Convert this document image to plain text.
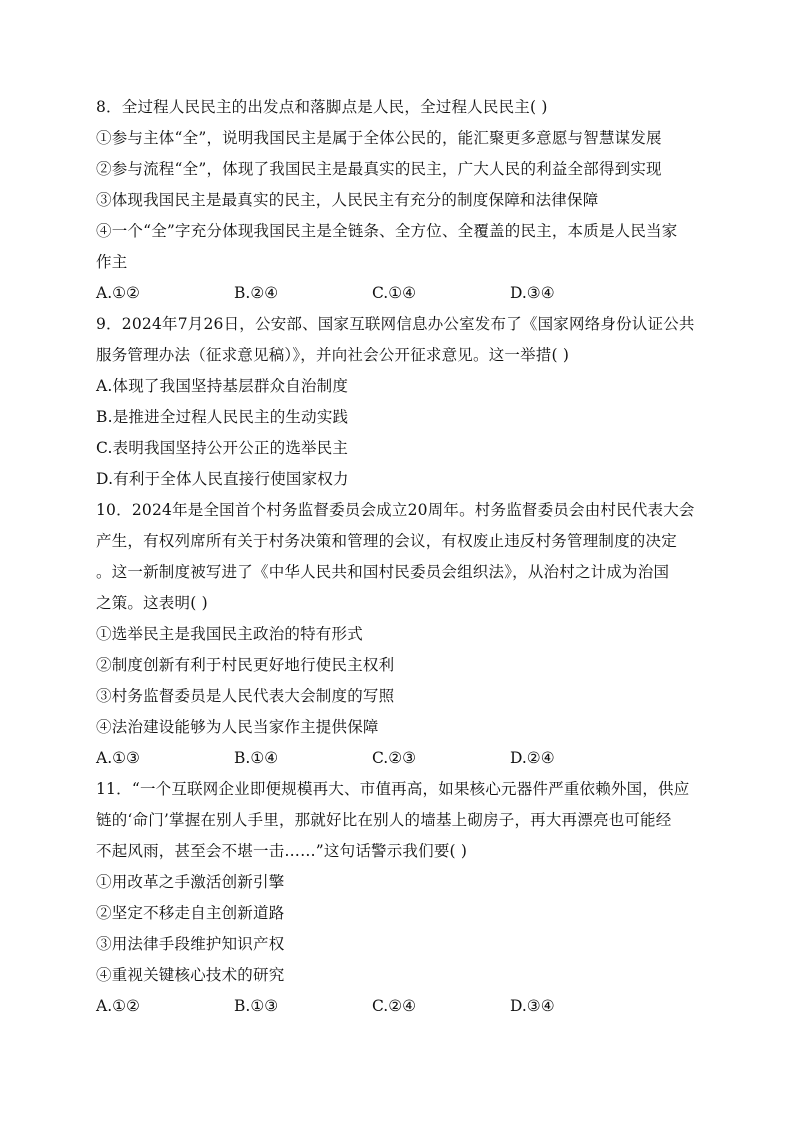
8．全过程人民民主的出发点和落脚点是人民，全过程人民民主( )
①参与主体“全”，说明我国民主是属于全体公民的，能汇聚更多意愿与智慧谋发展
②参与流程“全”，体现了我国民主是最真实的民主，广大人民的利益全部得到实现
③体现我国民主是最真实的民主，人民民主有充分的制度保障和法律保障
④一个“全”字充分体现我国民主是全链条、全方位、全覆盖的民主，本质是人民当家
作主
A.①②	B.②④	C.①④	D.③④
9．2024年7月26日，公安部、国家互联网信息办公室发布了《国家网络身份认证公共
服务管理办法（征求意见稿）》，并向社会公开征求意见。这一举措( )
A.体现了我国坚持基层群众自治制度
B.是推进全过程人民民主的生动实践
C.表明我国坚持公开公正的选举民主
D.有利于全体人民直接行使国家权力
10．2024年是全国首个村务监督委员会成立20周年。村务监督委员会由村民代表大会
产生，有权列席所有关于村务决策和管理的会议，有权废止违反村务管理制度的决定
。这一新制度被写进了《中华人民共和国村民委员会组织法》，从治村之计成为治国
之策。这表明( )
①选举民主是我国民主政治的特有形式
②制度创新有利于村民更好地行使民主权利
③村务监督委员是人民代表大会制度的写照
④法治建设能够为人民当家作主提供保障
A.①③	B.①④	C.②③	D.②④
11．“一个互联网企业即便规模再大、市值再高，如果核心元器件严重依赖外国，供应
链的‘命门’掌握在别人手里，那就好比在别人的墙基上砌房子，再大再漂亮也可能经
不起风雨，甚至会不堪一击……”这句话警示我们要( )
①用改革之手激活创新引擎
②坚定不移走自主创新道路
③用法律手段维护知识产权
④重视关键核心技术的研究
A.①②	B.①③	C.②④	D.③④
